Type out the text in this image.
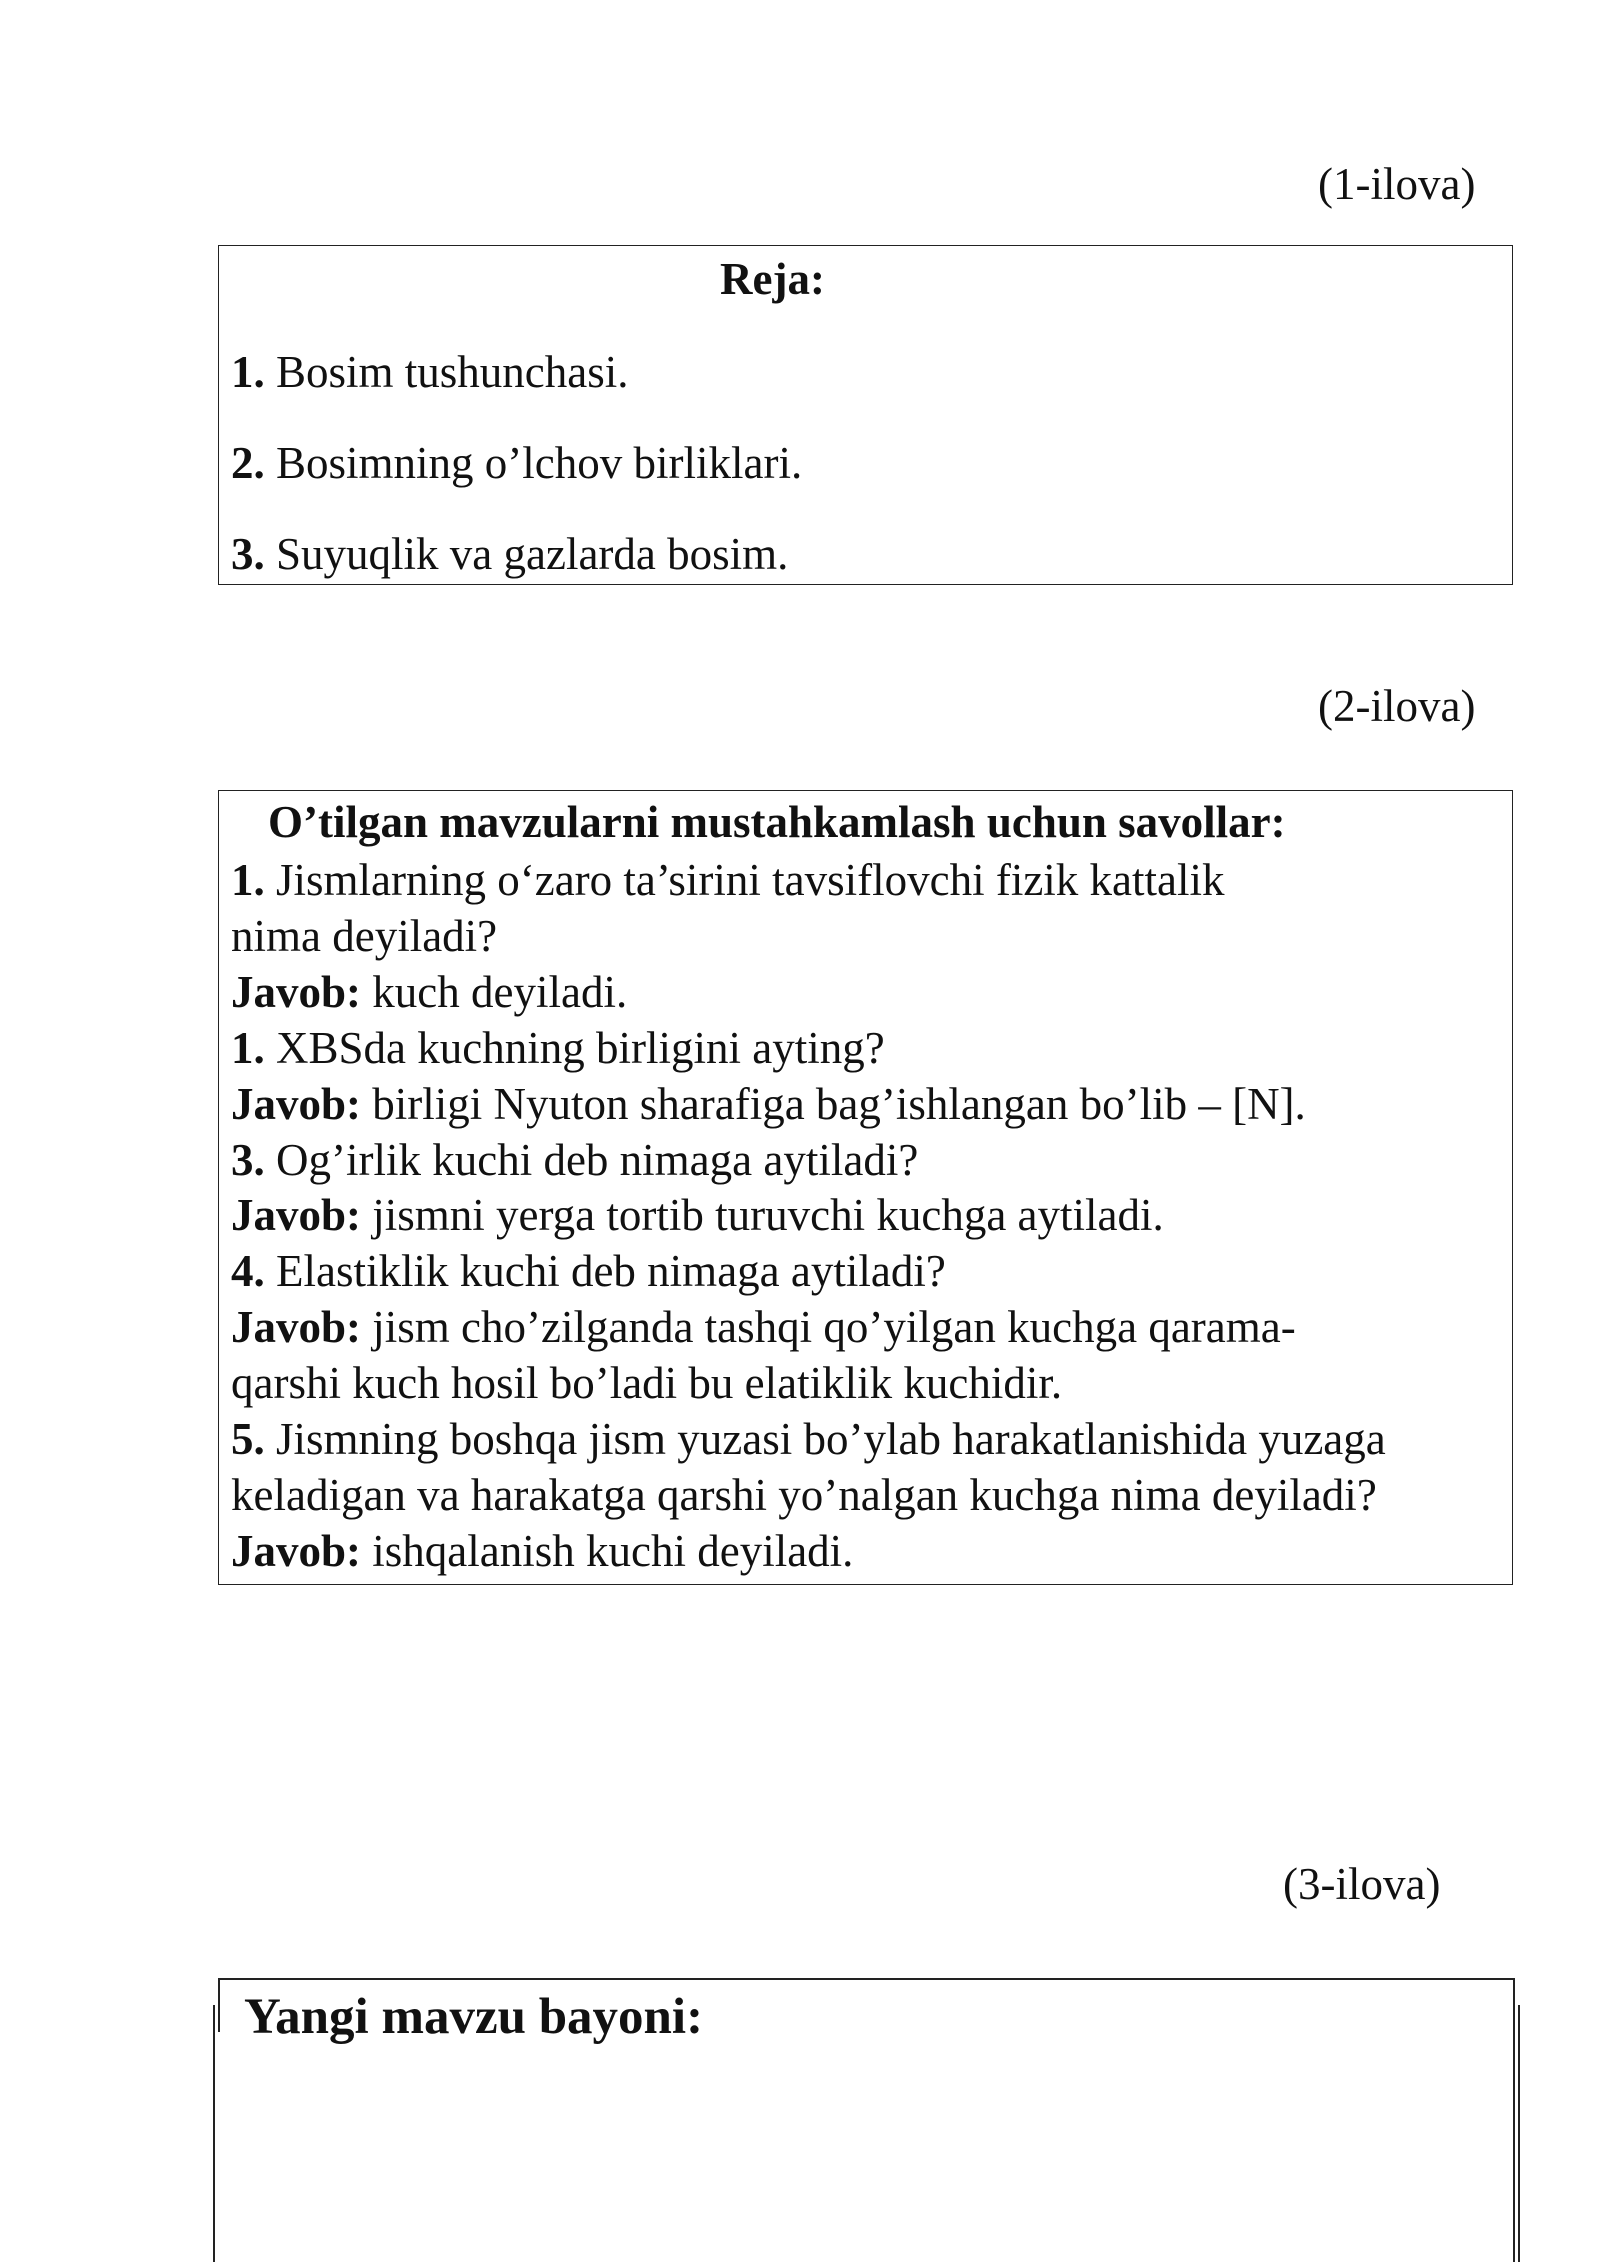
(1-ilova)
Reja:
1. Bosim tushunchasi.
2. Bosimning o’lchov birliklari.
3. Suyuqlik va gazlarda bosim.
(2-ilova)
O’tilgan mavzularni mustahkamlash uchun savollar:
1. Jismlarning o‘zaro ta’sirini tavsiflovchi fizik kattalik
nima deyiladi?
Javob: kuch deyiladi.
1. XBSda kuchning birligini ayting?
Javob: birligi Nyuton sharafiga bag’ishlangan bo’lib – [N].
3. Og’irlik kuchi deb nimaga aytiladi?
Javob: jismni yerga tortib turuvchi kuchga aytiladi.
4. Elastiklik kuchi deb nimaga aytiladi?
Javob: jism cho’zilganda tashqi qo’yilgan kuchga qarama-
qarshi kuch hosil bo’ladi bu elatiklik kuchidir.
5. Jismning boshqa jism yuzasi bo’ylab harakatlanishida yuzaga
keladigan va harakatga qarshi yo’nalgan kuchga nima deyiladi?
Javob: ishqalanish kuchi deyiladi.
(3-ilova)
Yangi mavzu bayoni:
